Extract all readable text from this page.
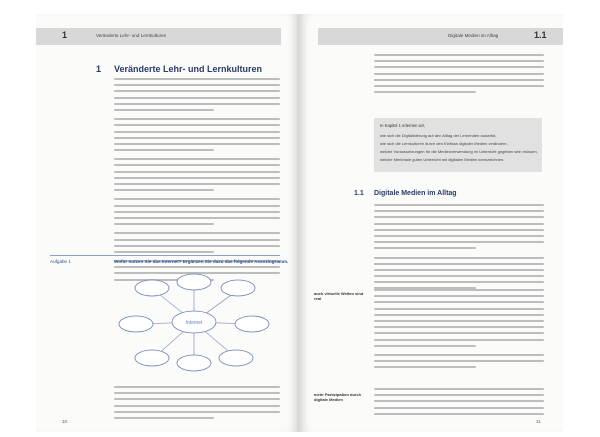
1	Veränderte Lehr- und Lernkulturen
1 Veränderte Lehr- und Lernkulturen
Aufgabe 1	Wofür nutzen Sie das Internet? Ergänzen Sie dazu das folgende Assoziogramm.
Internet
10
Digitale Medien im Alltag	1.1
In Kapitel 1 erlernen wir,
wie sich die Digitalisierung auf den Alltag der Lernenden auswirkt,
wie sich die Lernkulturen durch den Einfluss digitaler Medien verändern,
welche Voraussetzungen für die Medienverwendung im Unterricht gegeben sein müssen,
welche Merkmale guten Unterricht mit digitalen Medien kennzeichnen.
1.1 Digitale Medien im Alltag
auch virtuelle Welten sind real
mehr Partizipation durch digitale Medien
11
